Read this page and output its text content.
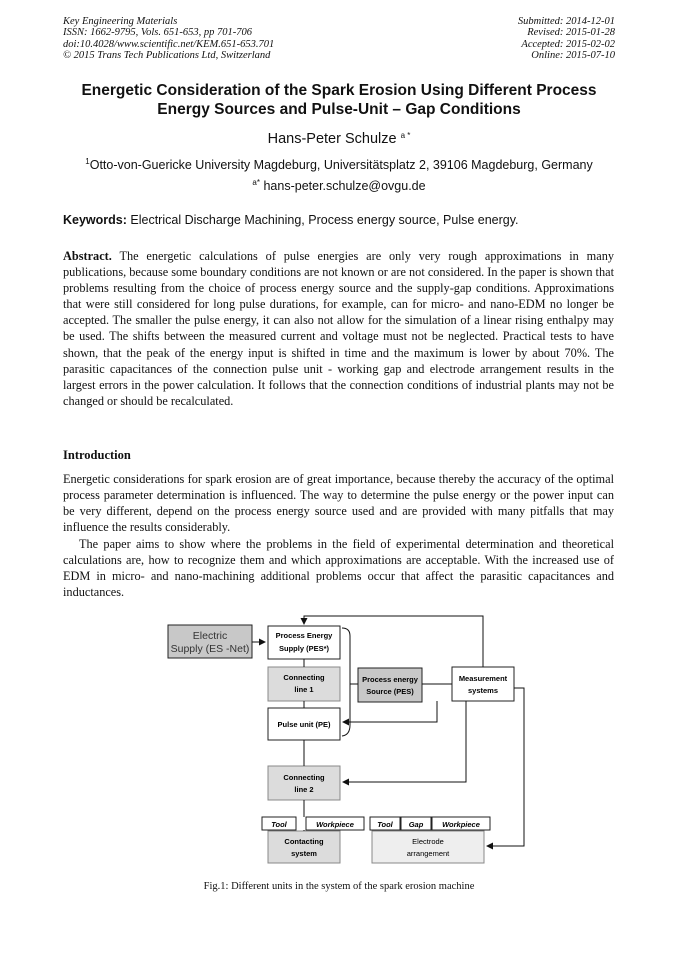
Key Engineering Materials
ISSN: 1662-9795, Vols. 651-653, pp 701-706
doi:10.4028/www.scientific.net/KEM.651-653.701
© 2015 Trans Tech Publications Ltd, Switzerland
Submitted: 2014-12-01
Revised: 2015-01-28
Accepted: 2015-02-02
Online: 2015-07-10
Energetic Consideration of the Spark Erosion Using Different Process
Energy Sources and Pulse-Unit – Gap Conditions
Hans-Peter Schulze $^{a *}$
$^1$Otto-von-Guericke University Magdeburg, Universitätsplatz 2, 39106 Magdeburg, Germany
$^{a*}$ hans-peter.schulze@ovgu.de
Keywords: Electrical Discharge Machining, Process energy source, Pulse energy.

Abstract. The energetic calculations of pulse energies are only very rough approximations in many publications, because some boundary conditions are not known or are not considered. In the paper is shown that problems resulting from the choice of process energy source and the supply-gap conditions. Approximations that were still considered for long pulse durations, for example, can for micro- and nano-EDM no longer be accepted. The smaller the pulse energy, it can also not allow for the simulation of a linear rising enthalpy may be used. The shifts between the measured current and voltage must not be neglected. Practical tests to have shown, that the peak of the energy input is shifted in time and the maximum is lower by about 70%. The parasitic capacitances of the connection pulse unit - working gap and electrode arrangement results in the largest errors in the power calculation. It follows that the connection conditions of industrial plants may not be changed or should be recalculated.

Introduction

Energetic considerations for spark erosion are of great importance, because thereby the accuracy of the optimal process parameter determination is influenced. The way to determine the pulse energy or the power input can be very different, depend on the process energy source used and are provided with many pitfalls that may influence the results considerably.

The paper aims to show where the problems in the field of experimental determination and theoretical calculations are, how to recognize them and which approximations are acceptable. With the increased use of EDM in micro- and nano-machining additional problems occur that affect the parasitic capacitances and inductances.

Electric
Supply (ES -Net)
Process Energy
Supply (PES*)
Connecting
line 1
Process energy
Source (PES)
Measurement
systems
Pulse unit (PE)
Connecting
line 2
Tool	Workpiece	Tool Gap	Workpiece
Contacting
system
Electrode
arrangement
Fig.1: Different units in the system of the spark erosion machine
